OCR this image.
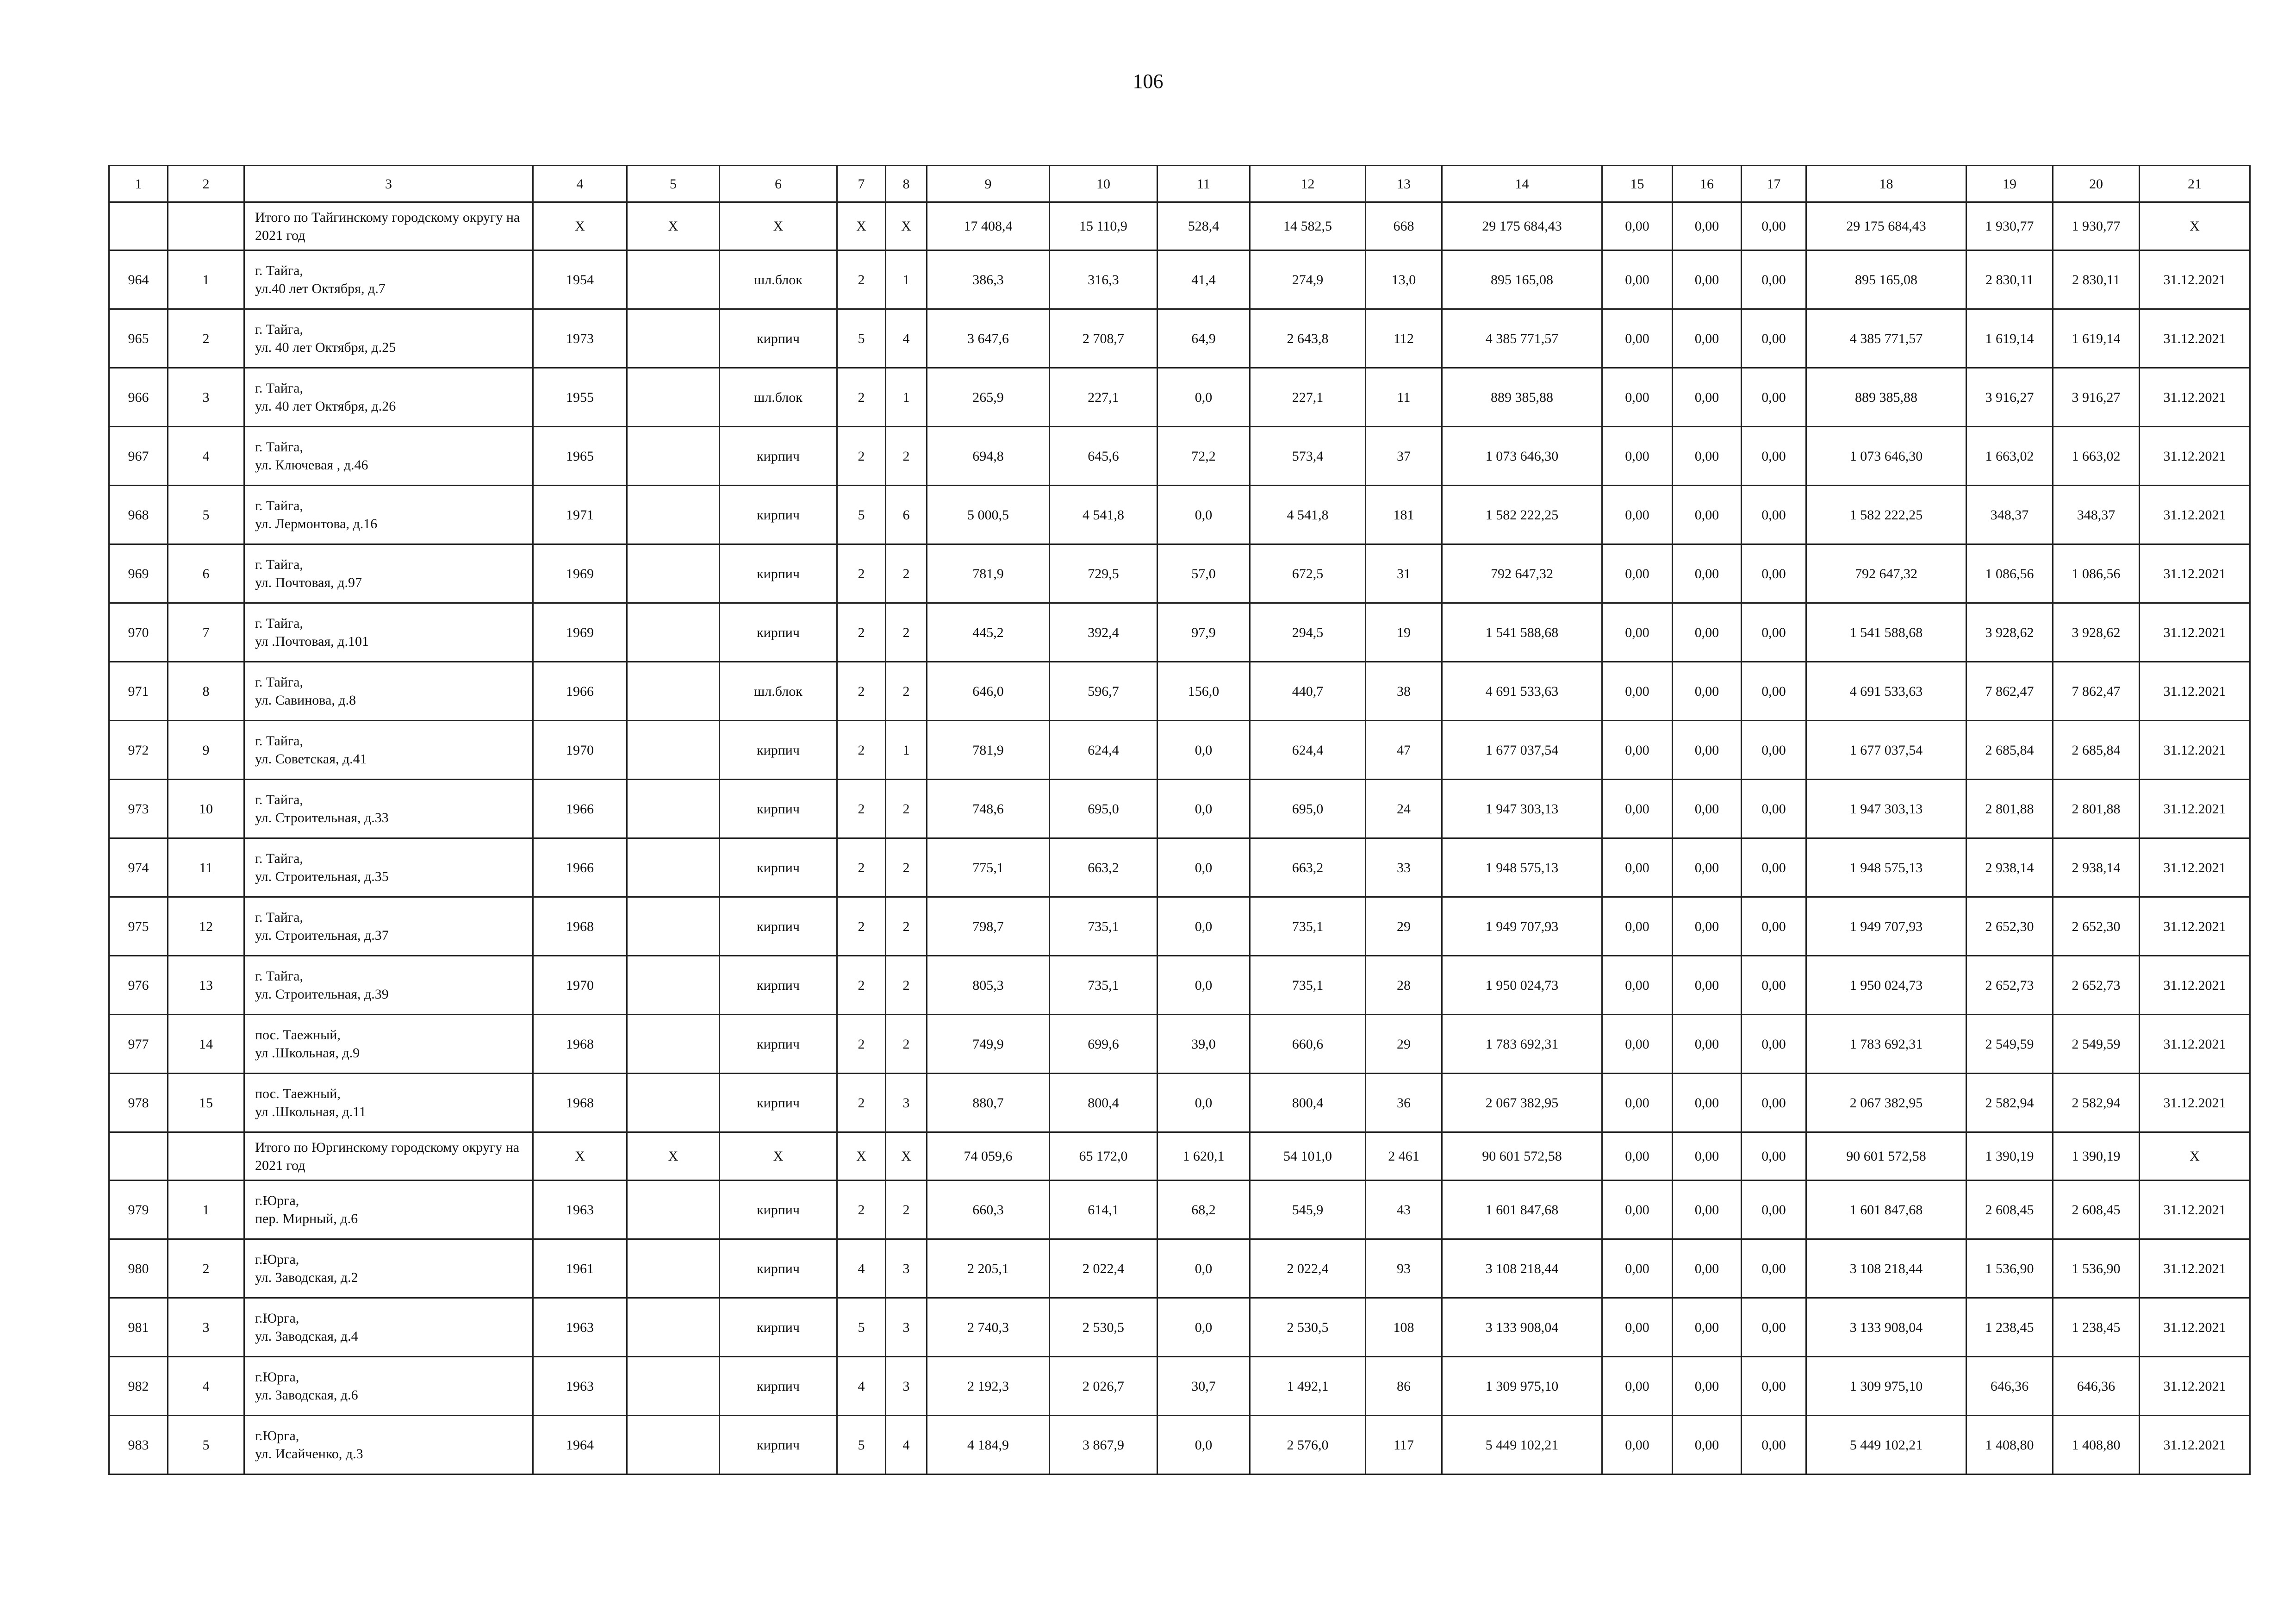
106
1	2	3	4	5	6	7	8	9	10	11	12	13	14	15	16	17	18	19	20	21
		Итого по Тайгинскому городскому округу на 2021 год	X	X	X	X	X	17 408,4	15 110,9	528,4	14 582,5	668	29 175 684,43	0,00	0,00	0,00	29 175 684,43	1 930,77	1 930,77	X
964	1	г. Тайга,
ул.40 лет Октября, д.7	1954		шл.блок	2	1	386,3	316,3	41,4	274,9	13,0	895 165,08	0,00	0,00	0,00	895 165,08	2 830,11	2 830,11	31.12.2021
965	2	г. Тайга,
ул. 40 лет Октября, д.25	1973		кирпич	5	4	3 647,6	2 708,7	64,9	2 643,8	112	4 385 771,57	0,00	0,00	0,00	4 385 771,57	1 619,14	1 619,14	31.12.2021
966	3	г. Тайга,
ул. 40 лет Октября, д.26	1955		шл.блок	2	1	265,9	227,1	0,0	227,1	11	889 385,88	0,00	0,00	0,00	889 385,88	3 916,27	3 916,27	31.12.2021
967	4	г. Тайга,
ул. Ключевая , д.46	1965		кирпич	2	2	694,8	645,6	72,2	573,4	37	1 073 646,30	0,00	0,00	0,00	1 073 646,30	1 663,02	1 663,02	31.12.2021
968	5	г. Тайга,
ул. Лермонтова, д.16	1971		кирпич	5	6	5 000,5	4 541,8	0,0	4 541,8	181	1 582 222,25	0,00	0,00	0,00	1 582 222,25	348,37	348,37	31.12.2021
969	6	г. Тайга,
ул. Почтовая, д.97	1969		кирпич	2	2	781,9	729,5	57,0	672,5	31	792 647,32	0,00	0,00	0,00	792 647,32	1 086,56	1 086,56	31.12.2021
970	7	г. Тайга,
ул .Почтовая, д.101	1969		кирпич	2	2	445,2	392,4	97,9	294,5	19	1 541 588,68	0,00	0,00	0,00	1 541 588,68	3 928,62	3 928,62	31.12.2021
971	8	г. Тайга,
ул. Савинова, д.8	1966		шл.блок	2	2	646,0	596,7	156,0	440,7	38	4 691 533,63	0,00	0,00	0,00	4 691 533,63	7 862,47	7 862,47	31.12.2021
972	9	г. Тайга,
ул. Советская, д.41	1970		кирпич	2	1	781,9	624,4	0,0	624,4	47	1 677 037,54	0,00	0,00	0,00	1 677 037,54	2 685,84	2 685,84	31.12.2021
973	10	г. Тайга,
ул. Строительная, д.33	1966		кирпич	2	2	748,6	695,0	0,0	695,0	24	1 947 303,13	0,00	0,00	0,00	1 947 303,13	2 801,88	2 801,88	31.12.2021
974	11	г. Тайга,
ул. Строительная, д.35	1966		кирпич	2	2	775,1	663,2	0,0	663,2	33	1 948 575,13	0,00	0,00	0,00	1 948 575,13	2 938,14	2 938,14	31.12.2021
975	12	г. Тайга,
ул. Строительная, д.37	1968		кирпич	2	2	798,7	735,1	0,0	735,1	29	1 949 707,93	0,00	0,00	0,00	1 949 707,93	2 652,30	2 652,30	31.12.2021
976	13	г. Тайга,
ул. Строительная, д.39	1970		кирпич	2	2	805,3	735,1	0,0	735,1	28	1 950 024,73	0,00	0,00	0,00	1 950 024,73	2 652,73	2 652,73	31.12.2021
977	14	пос. Таежный,
ул .Школьная, д.9	1968		кирпич	2	2	749,9	699,6	39,0	660,6	29	1 783 692,31	0,00	0,00	0,00	1 783 692,31	2 549,59	2 549,59	31.12.2021
978	15	пос. Таежный,
ул .Школьная, д.11	1968		кирпич	2	3	880,7	800,4	0,0	800,4	36	2 067 382,95	0,00	0,00	0,00	2 067 382,95	2 582,94	2 582,94	31.12.2021
		Итого по Юргинскому городскому округу на 2021 год	X	X	X	X	X	74 059,6	65 172,0	1 620,1	54 101,0	2 461	90 601 572,58	0,00	0,00	0,00	90 601 572,58	1 390,19	1 390,19	X
979	1	г.Юрга,
пер. Мирный, д.6	1963		кирпич	2	2	660,3	614,1	68,2	545,9	43	1 601 847,68	0,00	0,00	0,00	1 601 847,68	2 608,45	2 608,45	31.12.2021
980	2	г.Юрга,
ул. Заводская, д.2	1961		кирпич	4	3	2 205,1	2 022,4	0,0	2 022,4	93	3 108 218,44	0,00	0,00	0,00	3 108 218,44	1 536,90	1 536,90	31.12.2021
981	3	г.Юрга,
ул. Заводская, д.4	1963		кирпич	5	3	2 740,3	2 530,5	0,0	2 530,5	108	3 133 908,04	0,00	0,00	0,00	3 133 908,04	1 238,45	1 238,45	31.12.2021
982	4	г.Юрга,
ул. Заводская, д.6	1963		кирпич	4	3	2 192,3	2 026,7	30,7	1 492,1	86	1 309 975,10	0,00	0,00	0,00	1 309 975,10	646,36	646,36	31.12.2021
983	5	г.Юрга,
ул. Исайченко, д.3	1964		кирпич	5	4	4 184,9	3 867,9	0,0	2 576,0	117	5 449 102,21	0,00	0,00	0,00	5 449 102,21	1 408,80	1 408,80	31.12.2021
